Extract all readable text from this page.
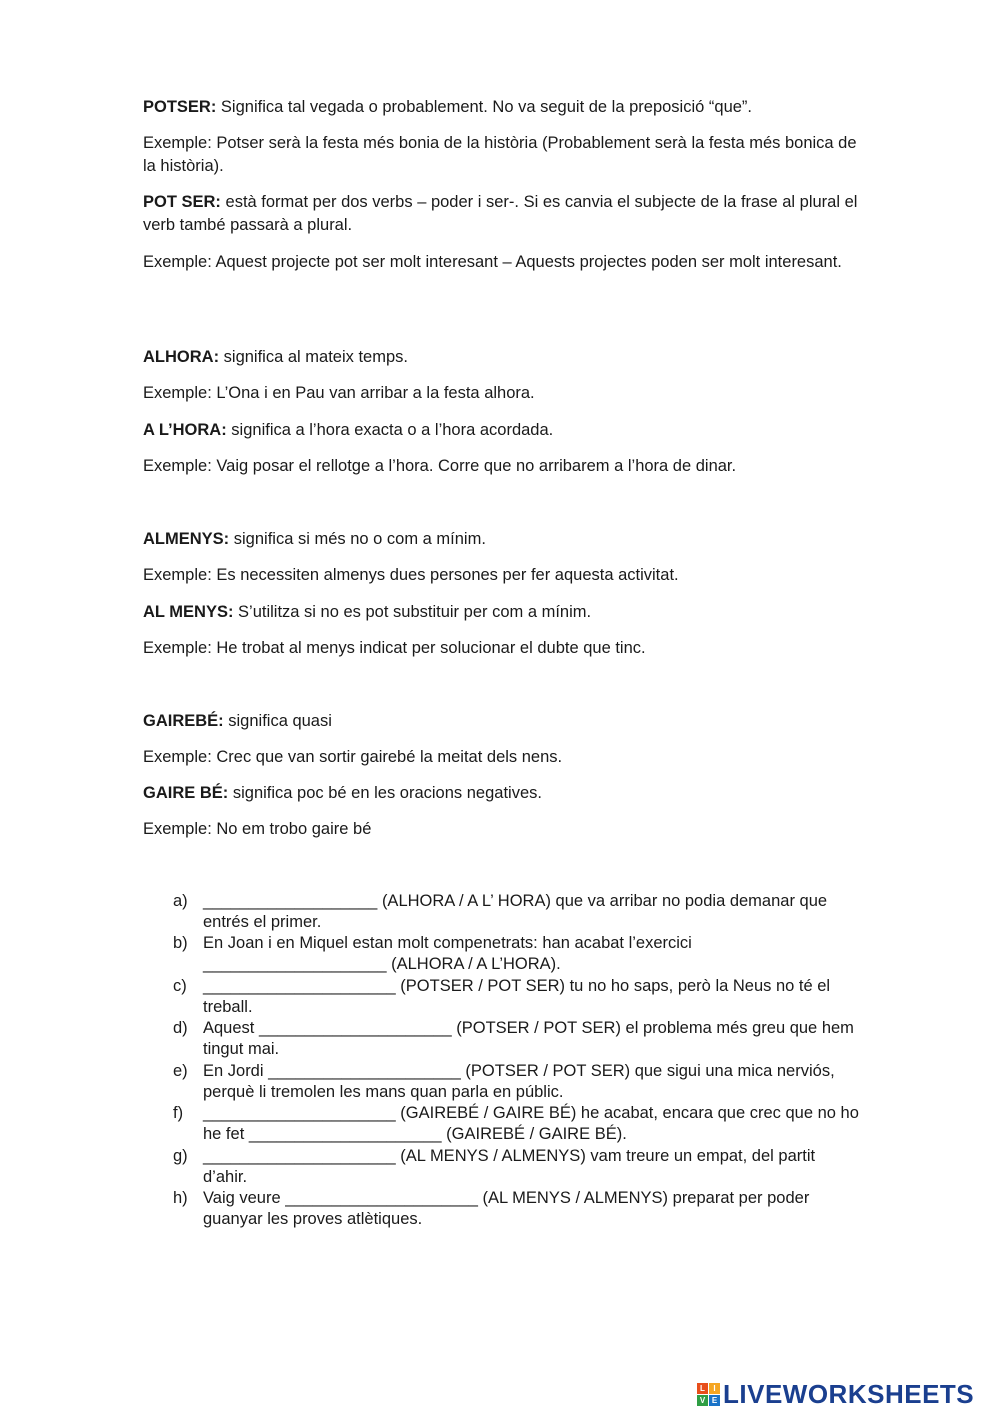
POTSER: Significa tal vegada o probablement. No va seguit de la preposició “que”.

Exemple: Potser serà la festa més bonia de la història (Probablement serà la festa més bonica de la història).

POT SER: està format per dos verbs – poder i ser-. Si es canvia el subjecte de la frase al plural el verb també passarà a plural.

Exemple: Aquest projecte pot ser molt interesant – Aquests projectes poden ser molt interesant.

ALHORA: significa al mateix temps.

Exemple: L’Ona i en Pau van arribar a la festa alhora.

A L’HORA: significa a l’hora exacta o a l’hora acordada.

Exemple: Vaig posar el rellotge a l’hora. Corre que no arribarem a l’hora de dinar.

ALMENYS: significa si més no o com a mínim.

Exemple: Es necessiten almenys dues persones per fer aquesta activitat.

AL MENYS: S’utilitza si no es pot substituir per com a mínim.

Exemple: He trobat al menys indicat per solucionar el dubte que tinc.

GAIREBÉ: significa quasi

Exemple: Crec que van sortir gairebé la meitat dels nens.

GAIRE BÉ: significa poc bé en les oracions negatives.

Exemple: No em trobo gaire bé

a) ___________________ (ALHORA / A L’ HORA) que va arribar no podia demanar que entrés el primer.
b) En Joan i en Miquel estan molt compenetrats: han acabat l’exercici ____________________ (ALHORA / A L’HORA).
c) _____________________ (POTSER / POT SER) tu no ho saps, però la Neus no té el treball.
d) Aquest _____________________ (POTSER / POT SER) el problema més greu que hem tingut mai.
e) En Jordi _____________________ (POTSER / POT SER) que sigui una mica nerviós, perquè li tremolen les mans quan parla en públic.
f)	_____________________ (GAIREBÉ / GAIRE BÉ) he acabat, encara que crec que no ho he fet _____________________ (GAIREBÉ / GAIRE BÉ).
g) _____________________ (AL MENYS / ALMENYS) vam treure un empat, del partit d’ahir.
h) Vaig veure _____________________ (AL MENYS / ALMENYS) preparat per poder guanyar les proves atlètiques.
L	I
V E LIVEWORKSHEETS
